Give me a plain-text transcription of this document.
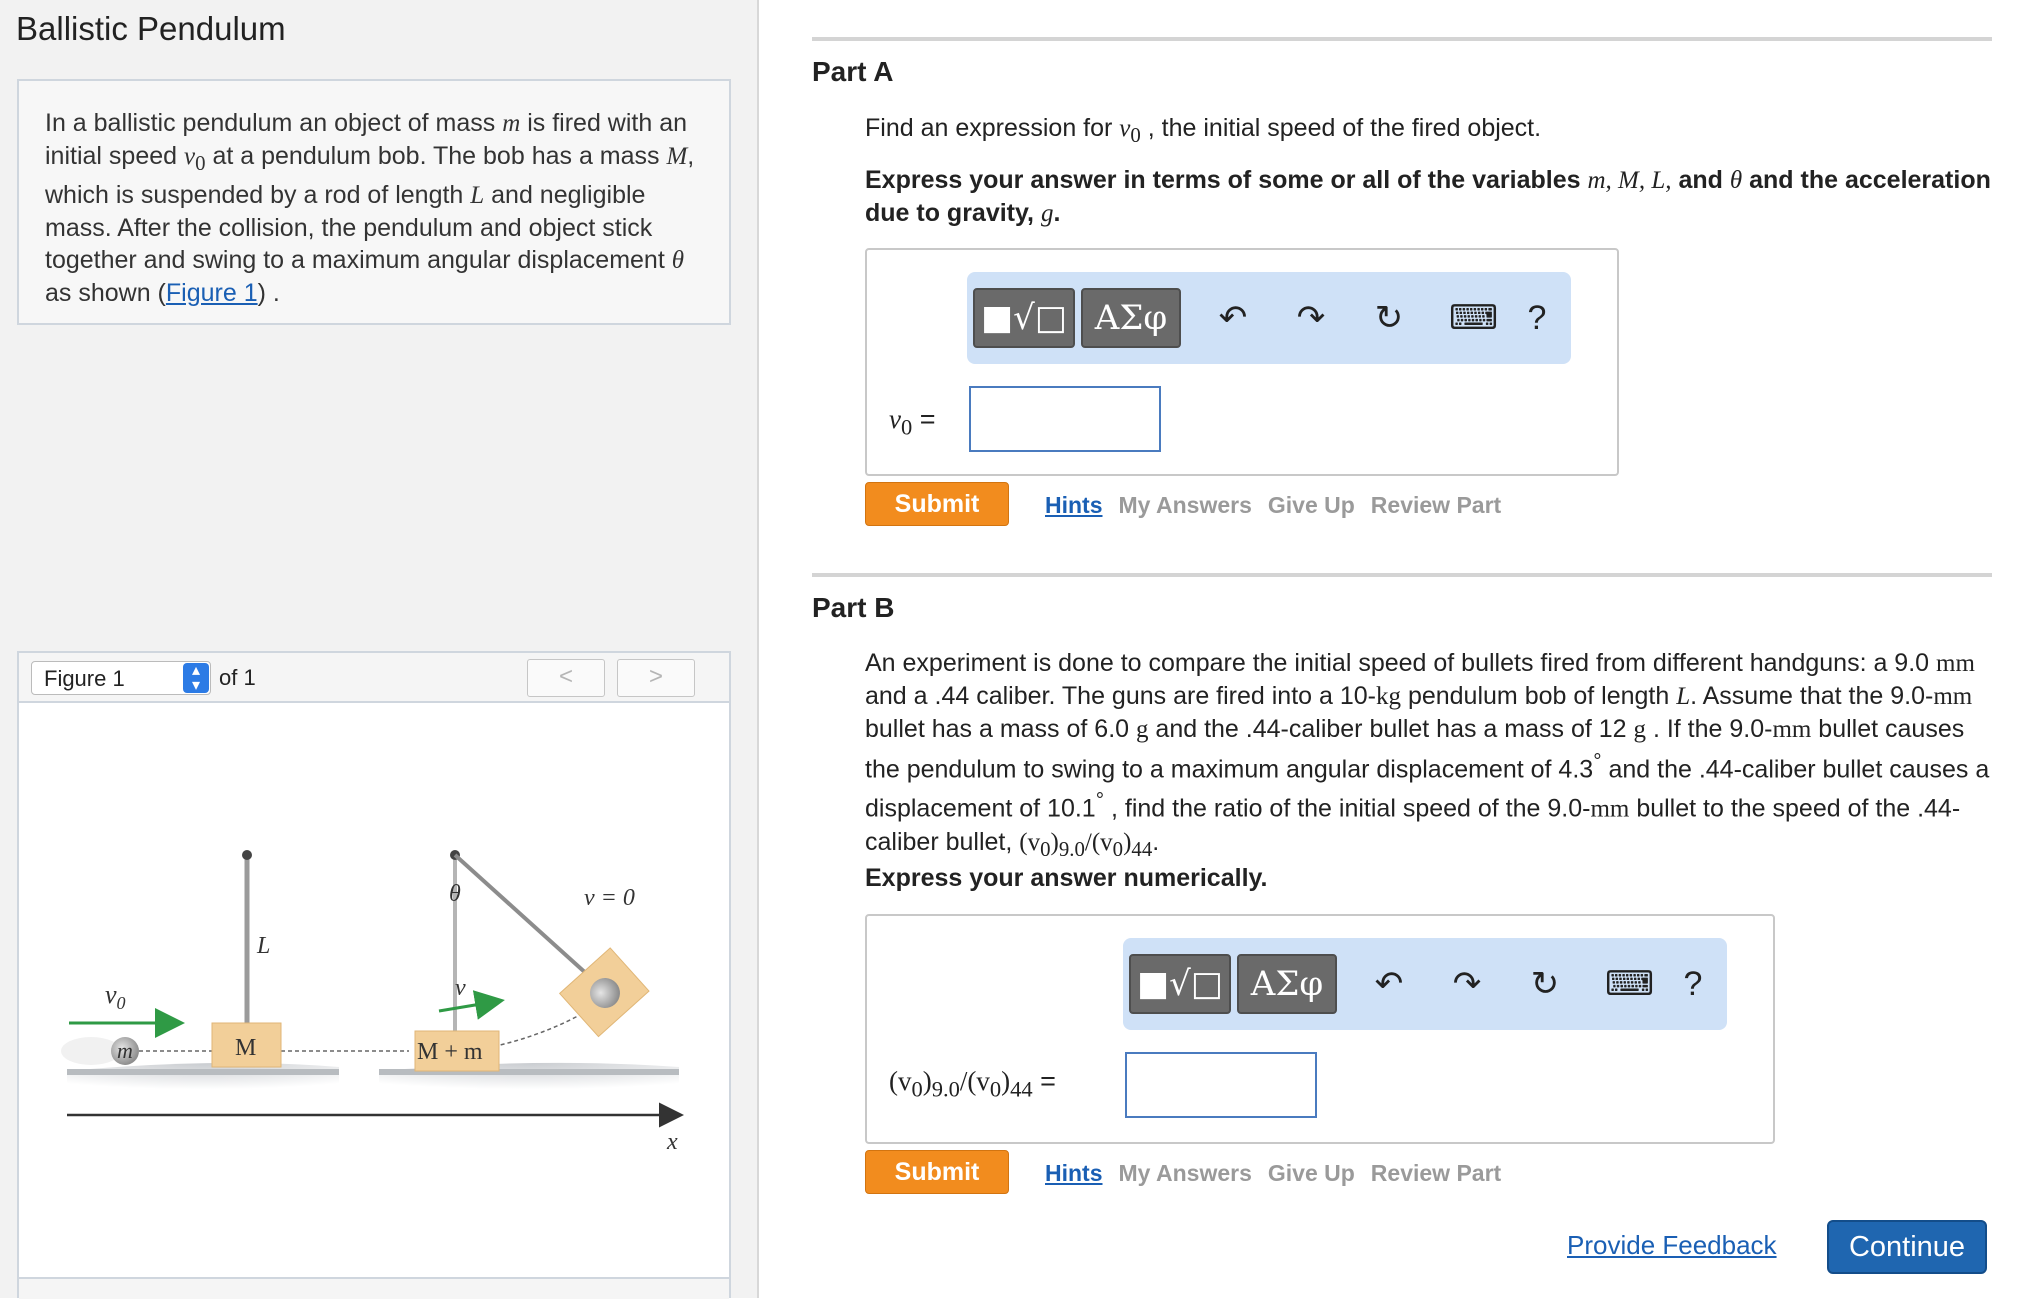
Ballistic Pendulum
In a ballistic pendulum an object of mass m is fired with an initial speed $v_0$ at a pendulum bob. The bob has a mass M, which is suspended by a rod of length L and negligible mass. After the collision, the pendulum and object stick together and swing to a maximum angular displacement θ as shown (Figure 1) .
Figure 1	▴
▾ of 1	<	>
m
$v_0$
L
M
θ
v
M + m
v = 0
x
Part A
Find an expression for $v_0$ , the initial speed of the fired object.
Express your answer in terms of some or all of the variables m, M, L, and θ and the acceleration due to gravity, g.
■√□ ΑΣφ	↶ ↷ ↻ ⌨ ?
$v_0$ =
Submit	Hints My Answers Give Up Review Part
Part B
An experiment is done to compare the initial speed of bullets fired from different handguns: a 9.0 mm and a .44 caliber. The guns are fired into a 10-kg pendulum bob of length L. Assume that the 9.0-mm bullet has a mass of 6.0 g and the .44-caliber bullet has a mass of 12 g . If the 9.0-mm bullet causes the pendulum to swing to a maximum angular displacement of 4.3° and the .44-caliber bullet causes a displacement of 10.1° , find the ratio of the initial speed of the 9.0-mm bullet to the speed of the .44-caliber bullet, $(v_0)_{9.0}/(v_0)_{44}$.
Express your answer numerically.
■√□ ΑΣφ	↶ ↷ ↻ ⌨ ?
$(v_0)_{9.0}/(v_0)_{44}$ =
Submit	Hints My Answers Give Up Review Part
Provide Feedback	Continue
